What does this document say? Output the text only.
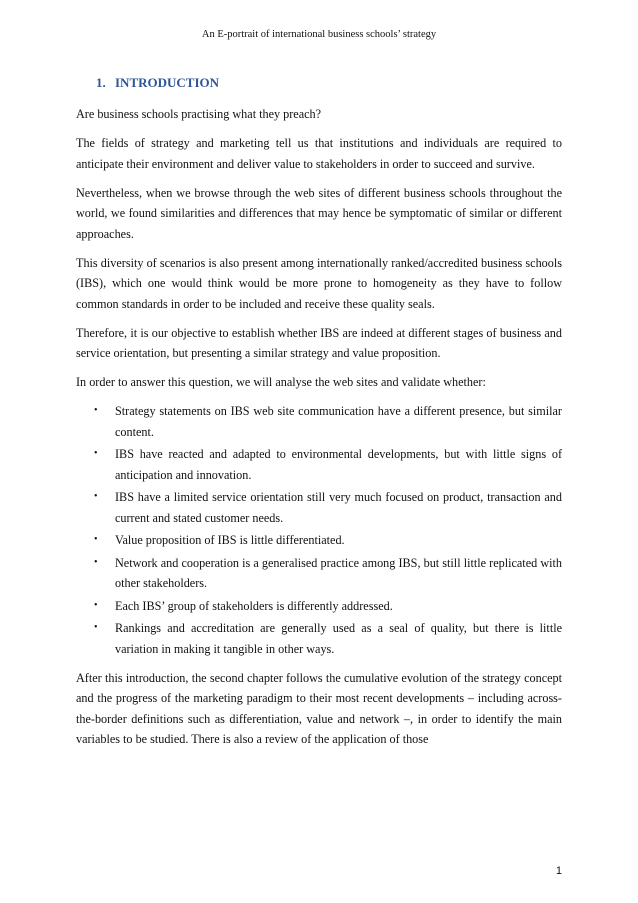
An E-portrait of international business schools’ strategy
1. INTRODUCTION

Are business schools practising what they preach?

The fields of strategy and marketing tell us that institutions and individuals are required to anticipate their environment and deliver value to stakeholders in order to succeed and survive.

Nevertheless, when we browse through the web sites of different business schools throughout the world, we found similarities and differences that may hence be symptomatic of similar or different approaches.

This diversity of scenarios is also present among internationally ranked/accredited business schools (IBS), which one would think would be more prone to homogeneity as they have to follow common standards in order to be included and receive these quality seals.

Therefore, it is our objective to establish whether IBS are indeed at different stages of business and service orientation, but presenting a similar strategy and value proposition.

In order to answer this question, we will analyse the web sites and validate whether:

• Strategy statements on IBS web site communication have a different presence, but similar content.
• IBS have reacted and adapted to environmental developments, but with little signs of anticipation and innovation.
• IBS have a limited service orientation still very much focused on product, transaction and current and stated customer needs.
• Value proposition of IBS is little differentiated.
• Network and cooperation is a generalised practice among IBS, but still little replicated with other stakeholders.
• Each IBS’ group of stakeholders is differently addressed.
• Rankings and accreditation are generally used as a seal of quality, but there is little variation in making it tangible in other ways.

After this introduction, the second chapter follows the cumulative evolution of the strategy concept and the progress of the marketing paradigm to their most recent developments – including across-the-border definitions such as differentiation, value and network –, in order to identify the main variables to be studied. There is also a review of the application of those

1
